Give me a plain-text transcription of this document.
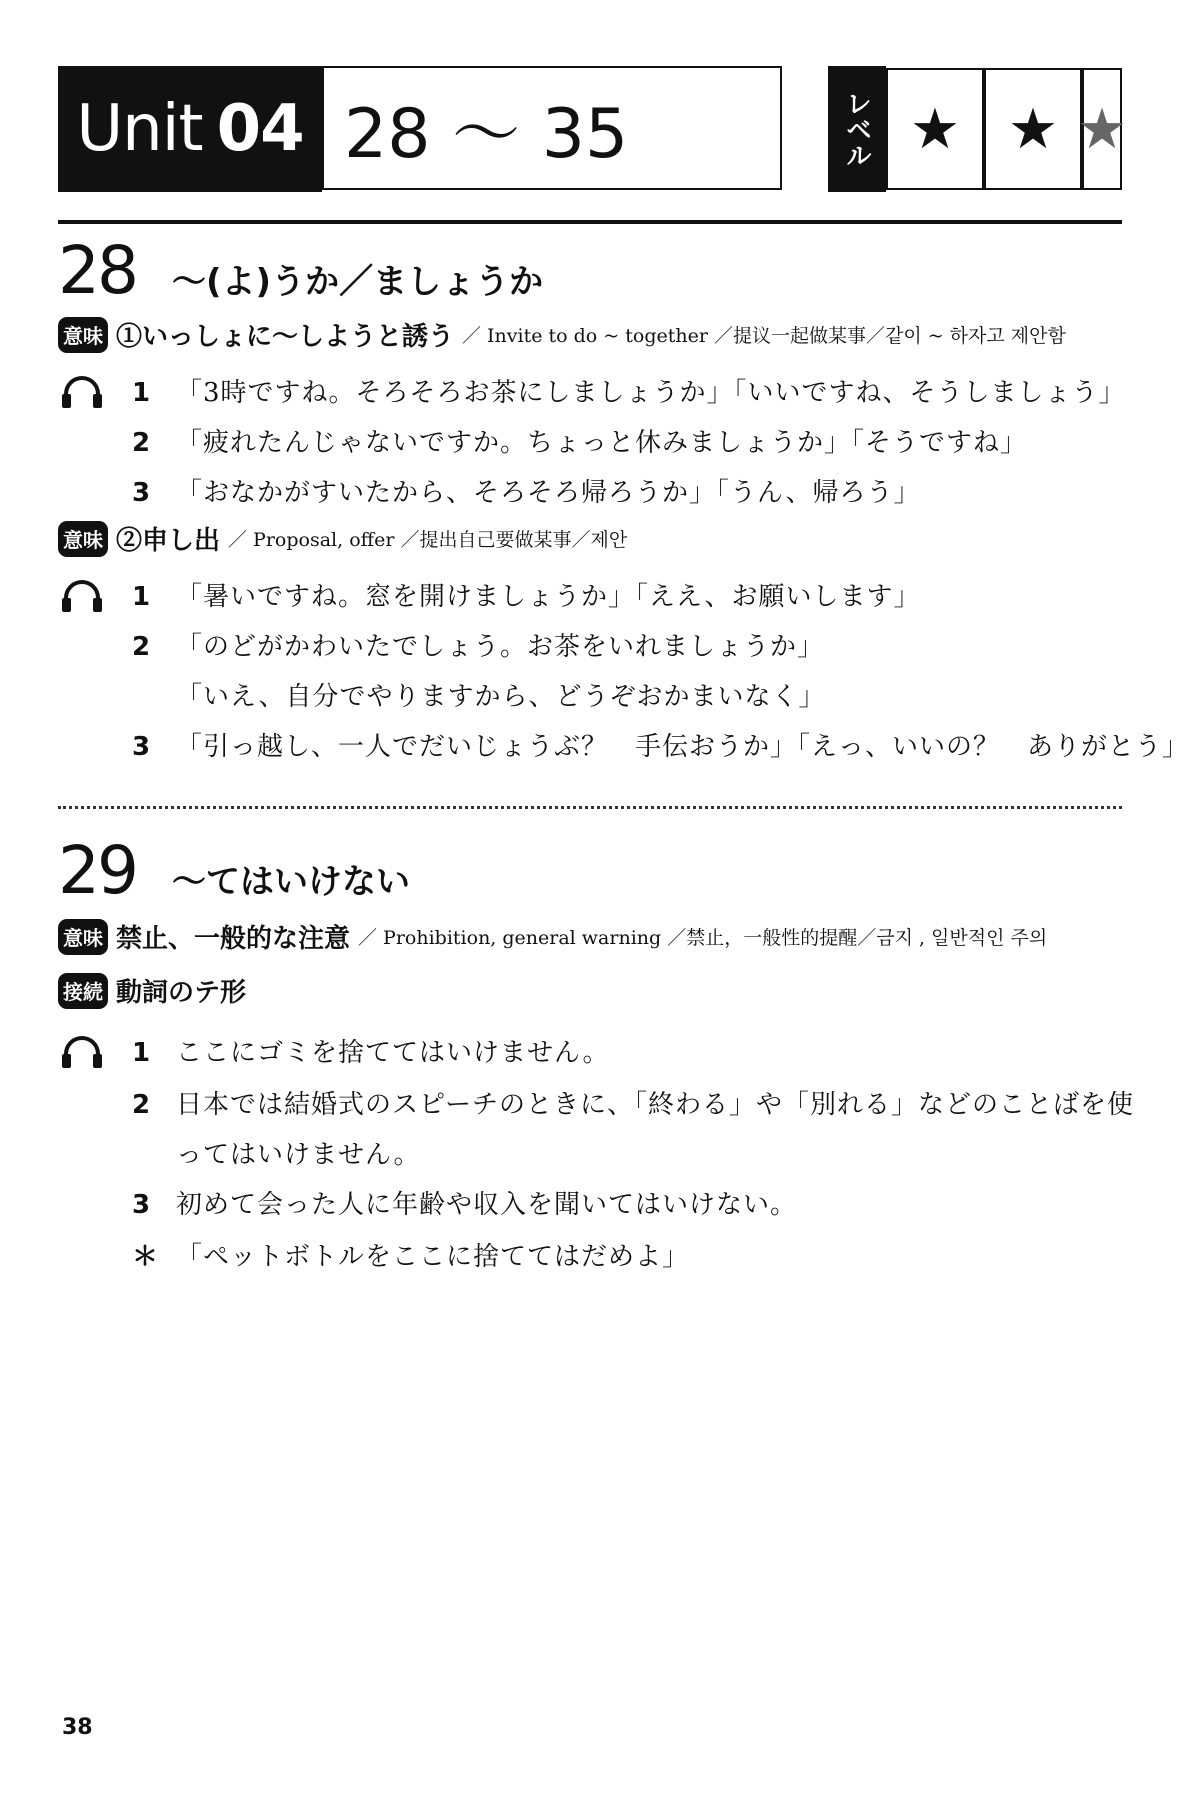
Unit 04 28 ～ 35	レベル ★ ★ ★
28	～(よ)うか／ましょうか
意味 ①いっしょに～しようと誘う ／ Invite to do ~ together ／提议一起做某事／같이 ~ 하자고 제안함
1 「3時ですね。そろそろお茶にしましょうか」「いいですね、そうしましょう」
2 「疲れたんじゃないですか。ちょっと休みましょうか」「そうですね」
3 「おなかがすいたから、そろそろ帰ろうか」「うん、帰ろう」
意味 ②申し出 ／ Proposal, offer ／提出自己要做某事／제안
1 「暑いですね。窓を開けましょうか」「ええ、お願いします」
2 「のどがかわいたでしょう。お茶をいれましょうか」
「いえ、自分でやりますから、どうぞおかまいなく」
3 「引っ越し、一人でだいじょうぶ？　手伝おうか」「えっ、いいの？　ありがとう」
29	～てはいけない
意味 禁止、一般的な注意 ／ Prohibition, general warning ／禁止，一般性的提醒／금지 , 일반적인 주의
接続 動詞のテ形
1 ここにゴミを捨ててはいけません。
2 日本では結婚式のスピーチのときに、「終わる」や「別れる」などのことばを使
ってはいけません。
3 初めて会った人に年齢や収入を聞いてはいけない。
＊ 「ペットボトルをここに捨ててはだめよ」
38
